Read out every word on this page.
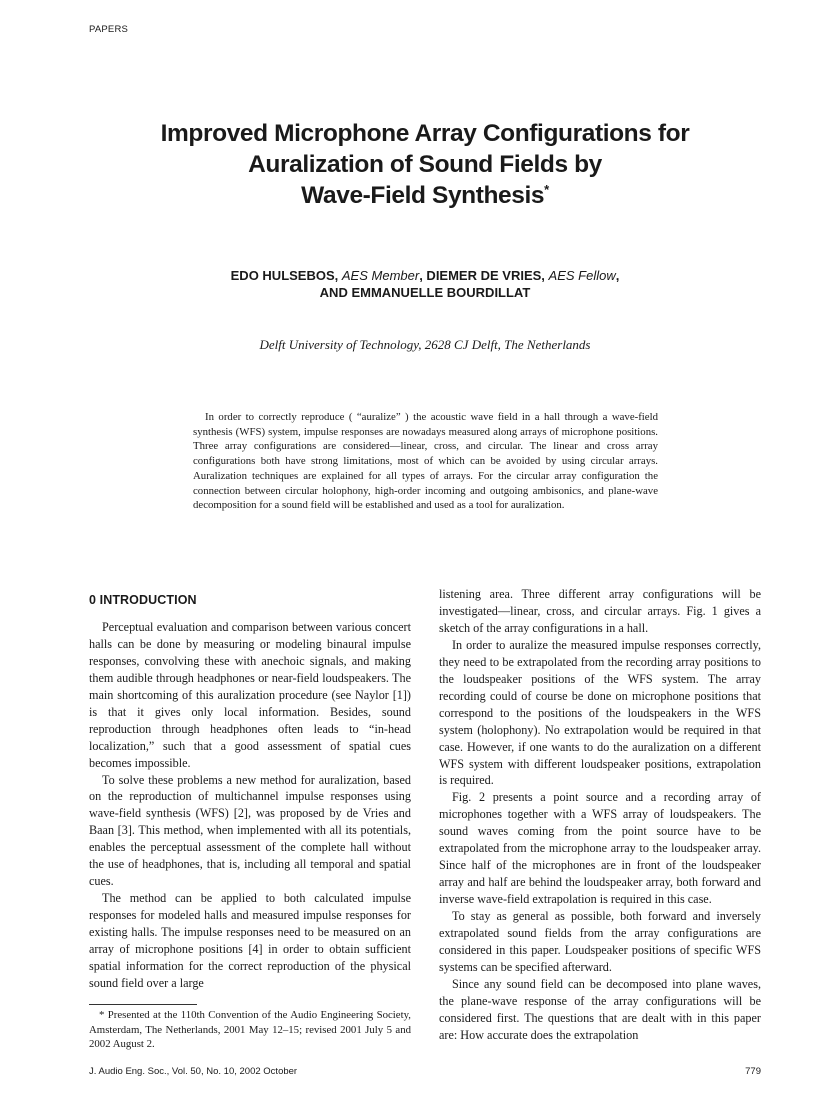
PAPERS
Improved Microphone Array Configurations for
Auralization of Sound Fields by
Wave-Field Synthesis*
EDO HULSEBOS, AES Member, DIEMER DE VRIES, AES Fellow,
AND EMMANUELLE BOURDILLAT
Delft University of Technology, 2628 CJ Delft, The Netherlands
In order to correctly reproduce ( “auralize” ) the acoustic wave field in a hall through a wave-field synthesis (WFS) system, impulse responses are nowadays measured along arrays of microphone positions. Three array configurations are considered—linear, cross, and circular. The linear and cross array configurations both have strong limitations, most of which can be avoided by using circular arrays. Auralization techniques are explained for all types of arrays. For the circular array configuration the connection between circular holophony, high-order incoming and outgoing ambisonics, and plane-wave decomposition for a sound field will be established and used as a tool for auralization.
0 INTRODUCTION

Perceptual evaluation and comparison between various concert halls can be done by measuring or modeling binaural impulse responses, convolving these with anechoic signals, and making them audible through headphones or near-field loudspeakers. The main shortcoming of this auralization procedure (see Naylor [1]) is that it gives only local information. Besides, sound reproduction through headphones often leads to “in-head localization,” such that a good assessment of spatial cues becomes impossible.

To solve these problems a new method for auralization, based on the reproduction of multichannel impulse responses using wave-field synthesis (WFS) [2], was proposed by de Vries and Baan [3]. This method, when implemented with all its potentials, enables the perceptual assessment of the complete hall without the use of headphones, that is, including all temporal and spatial cues.

The method can be applied to both calculated impulse responses for modeled halls and measured impulse responses for existing halls. The impulse responses need to be measured on an array of microphone positions [4] in order to obtain sufficient spatial information for the correct reproduction of the physical sound field over a large

listening area. Three different array configurations will be investigated—linear, cross, and circular arrays. Fig. 1 gives a sketch of the array configurations in a hall.

In order to auralize the measured impulse responses correctly, they need to be extrapolated from the recording array positions to the loudspeaker positions of the WFS system. The array recording could of course be done on microphone positions that correspond to the positions of the loudspeakers in the WFS system (holophony). No extrapolation would be required in that case. However, if one wants to do the auralization on a different WFS system with different loudspeaker positions, extrapolation is required.

Fig. 2 presents a point source and a recording array of microphones together with a WFS array of loudspeakers. The sound waves coming from the point source have to be extrapolated from the microphone array to the loudspeaker array. Since half of the microphones are in front of the loudspeaker array and half are behind the loudspeaker array, both forward and inverse wave-field extrapolation is required in this case.

To stay as general as possible, both forward and inversely extrapolated sound fields from the array configurations are considered in this paper. Loudspeaker positions of specific WFS systems can be specified afterward.

Since any sound field can be decomposed into plane waves, the plane-wave response of the array configurations will be considered first. The questions that are dealt with in this paper are: How accurate does the extrapolation

* Presented at the 110th Convention of the Audio Engineering Society, Amsterdam, The Netherlands, 2001 May 12–15; revised 2001 July 5 and 2002 August 2.
J. Audio Eng. Soc., Vol. 50, No. 10, 2002 October	779
